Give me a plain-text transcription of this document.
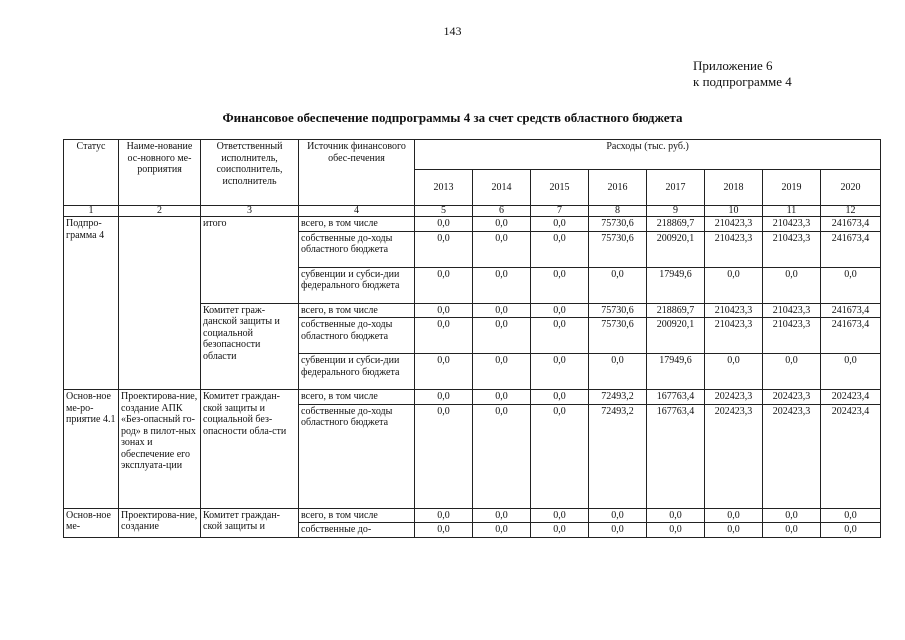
143
Приложение 6
к подпрограмме 4
Финансовое обеспечение подпрограммы 4 за счет средств областного бюджета
Статус	Наиме-нование ос-новного ме-роприятия	Ответственный исполнитель, соисполнитель, исполнитель	Источник финансового обес-печения	Расходы (тыс. руб.)							
				2013	2014	2015	2016	2017	2018	2019	2020
1	2	3	4	5	6	7	8	9	10	11	12
Подпро-грамма 4		итого	всего, в том числе	0,0	0,0	0,0	75730,6	218869,7	210423,3	210423,3	241673,4
			собственные до-ходы областного бюджета	0,0	0,0	0,0	75730,6	200920,1	210423,3	210423,3	241673,4
			субвенции и субси-дии федерального бюджета	0,0	0,0	0,0	0,0	17949,6	0,0	0,0	0,0
		Комитет граж-данской защиты и социальной безопасности области	всего, в том числе	0,0	0,0	0,0	75730,6	218869,7	210423,3	210423,3	241673,4
			собственные до-ходы областного бюджета	0,0	0,0	0,0	75730,6	200920,1	210423,3	210423,3	241673,4
			субвенции и субси-дии федерального бюджета	0,0	0,0	0,0	0,0	17949,6	0,0	0,0	0,0
Основ-ное ме-ро-приятие 4.1	Проектирова-ние, создание АПК «Без-опасный го-род» в пилот-ных зонах и обеспечение его эксплуата-ции	Комитет граждан-ской защиты и социальной без-опасности обла-сти	всего, в том числе	0,0	0,0	0,0	72493,2	167763,4	202423,3	202423,3	202423,4
			собственные до-ходы областного бюджета	0,0	0,0	0,0	72493,2	167763,4	202423,3	202423,3	202423,4
Основ-ное ме-	Проектирова-ние, создание	Комитет граждан-ской защиты и	всего, в том числе	0,0	0,0	0,0	0,0	0,0	0,0	0,0	0,0
			собственные до-	0,0	0,0	0,0	0,0	0,0	0,0	0,0	0,0
